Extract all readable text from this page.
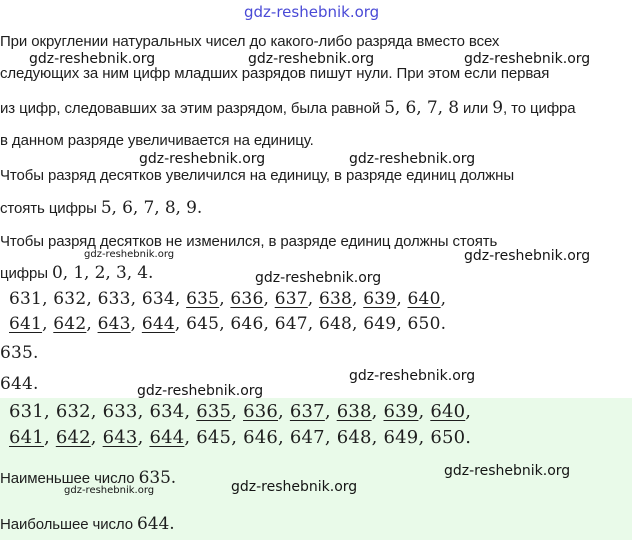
gdz-reshebnik.org
При округлении натуральных чисел до какого-либо разряда вместо всех
следующих за ним цифр младших разрядов пишут нули. При этом если первая
из цифр, следовавших за этим разрядом, была равной 5, 6, 7, 8 или 9, то цифра
в данном разряде увеличивается на единицу.
Чтобы разряд десятков увеличился на единицу, в разряде единиц должны
стоять цифры 5, 6, 7, 8, 9.
Чтобы разряд десятков не изменился, в разряде единиц должны стоять
цифры 0, 1, 2, 3, 4.
631, 632, 633, 634, 635, 636, 637, 638, 639, 640,
641, 642, 643, 644, 645, 646, 647, 648, 649, 650.
635.
644.
631, 632, 633, 634, 635, 636, 637, 638, 639, 640,
641, 642, 643, 644, 645, 646, 647, 648, 649, 650.
Наименьшее число 635.
Наибольшее число 644.
gdz-reshebnik.org	gdz-reshebnik.org	gdz-reshebnik.org
gdz-reshebnik.org	gdz-reshebnik.org
gdz-reshebnik.org	gdz-reshebnik.org
gdz-reshebnik.org
gdz-reshebnik.org
gdz-reshebnik.org
gdz-reshebnik.org
gdz-reshebnik.org	gdz-reshebnik.org
